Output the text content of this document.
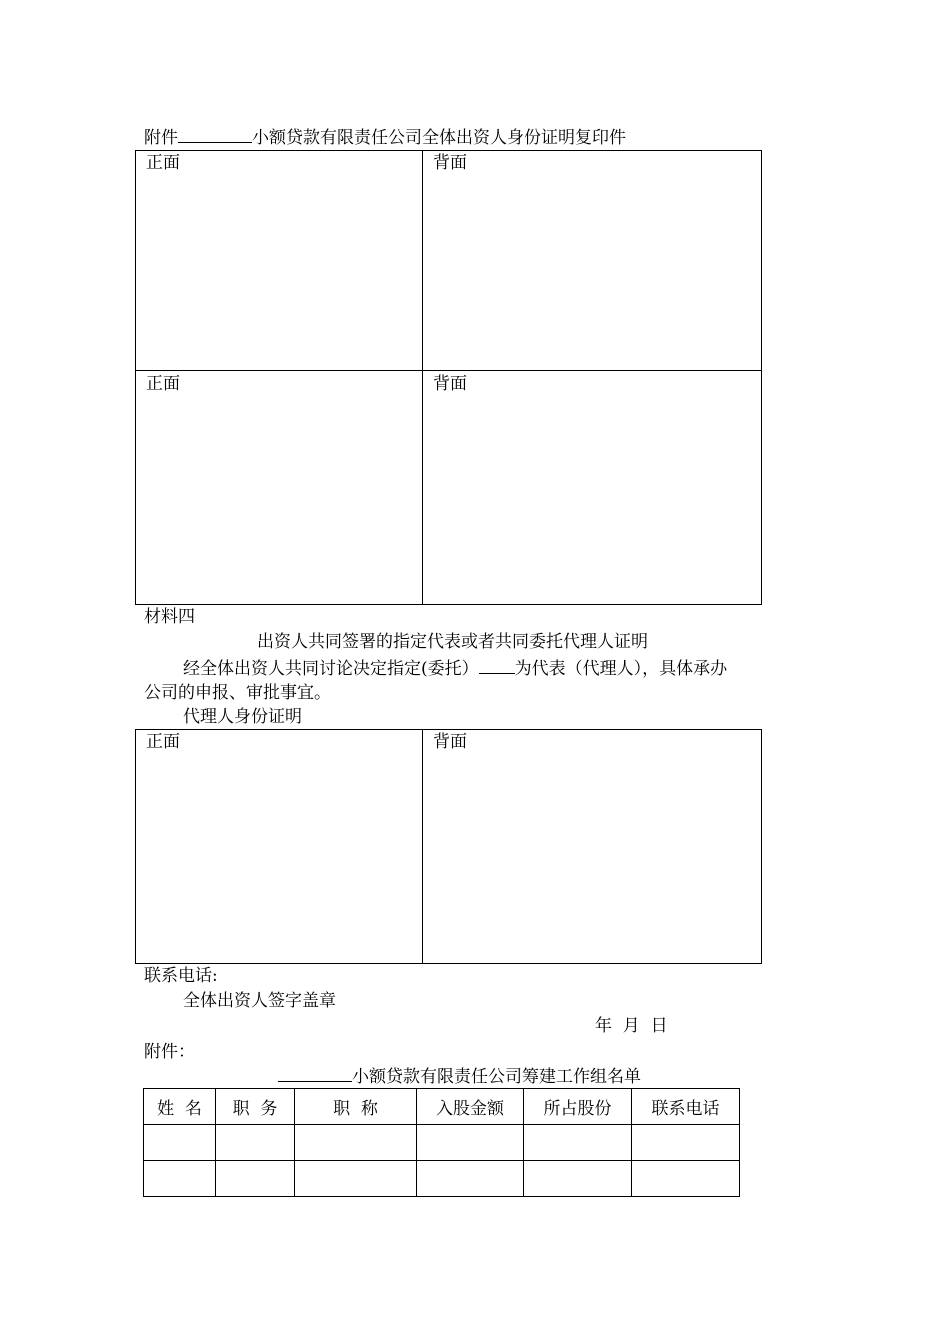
附件	小额贷款有限责任公司全体出资人身份证明复印件
正面	背面
正面	背面
材料四
出资人共同签署的指定代表或者共同委托代理人证明
经全体出资人共同讨论决定指定(委托） 为代表（代理人），具体承办
公司的申报、审批事宜。
代理人身份证明
正面	背面
联系电话:
全体出资人签字盖章
年  月  日
附件：
小额贷款有限责任公司筹建工作组名单
姓  名	职  务	职  称	入股金额	所占股份	联系电话
